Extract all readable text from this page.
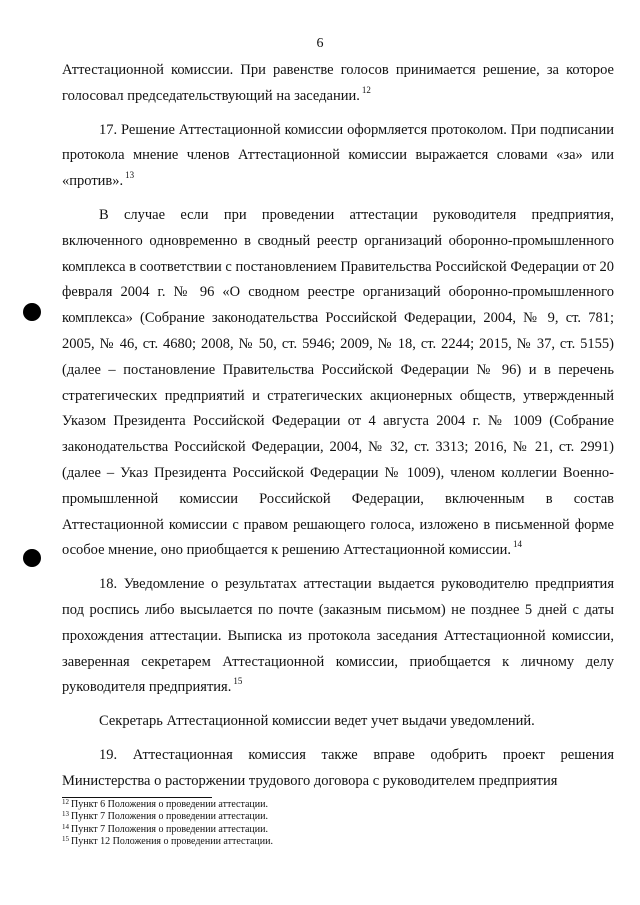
6

Аттестационной комиссии. При равенстве голосов принимается решение, за которое голосовал председательствующий на заседании. $^{12}$

17. Решение Аттестационной комиссии оформляется протоколом. При подписании протокола мнение членов Аттестационной комиссии выражается словами «за» или «против». $^{13}$

В случае если при проведении аттестации руководителя предприятия, включенного одновременно в сводный реестр организаций оборонно-промышленного комплекса в соответствии с постановлением Правительства Российской Федерации от 20 февраля 2004 г. № 96 «О сводном реестре организаций оборонно-промышленного комплекса» (Собрание законодательства Российской Федерации, 2004, № 9, ст. 781; 2005, № 46, ст. 4680; 2008, № 50, ст. 5946; 2009, № 18, ст. 2244; 2015, № 37, ст. 5155) (далее – постановление Правительства Российской Федерации № 96) и в перечень стратегических предприятий и стратегических акционерных обществ, утвержденный Указом Президента Российской Федерации от 4 августа 2004 г. № 1009 (Собрание законодательства Российской Федерации, 2004, № 32, ст. 3313; 2016, № 21, ст. 2991) (далее – Указ Президента Российской Федерации № 1009), членом коллегии Военно-промышленной комиссии Российской Федерации, включенным в состав Аттестационной комиссии с правом решающего голоса, изложено в письменной форме особое мнение, оно приобщается к решению Аттестационной комиссии. $^{14}$

18. Уведомление о результатах аттестации выдается руководителю предприятия под роспись либо высылается по почте (заказным письмом) не позднее 5 дней с даты прохождения аттестации. Выписка из протокола заседания Аттестационной комиссии, заверенная секретарем Аттестационной комиссии, приобщается к личному делу руководителя предприятия. $^{15}$

Секретарь Аттестационной комиссии ведет учет выдачи уведомлений.

19. Аттестационная комиссия также вправе одобрить проект решения Министерства о расторжении трудового договора с руководителем предприятия

$^{12}$ Пункт 6 Положения о проведении аттестации.

$^{13}$ Пункт 7 Положения о проведении аттестации.

$^{14}$ Пункт 7 Положения о проведении аттестации.

$^{15}$ Пункт 12 Положения о проведении аттестации.
